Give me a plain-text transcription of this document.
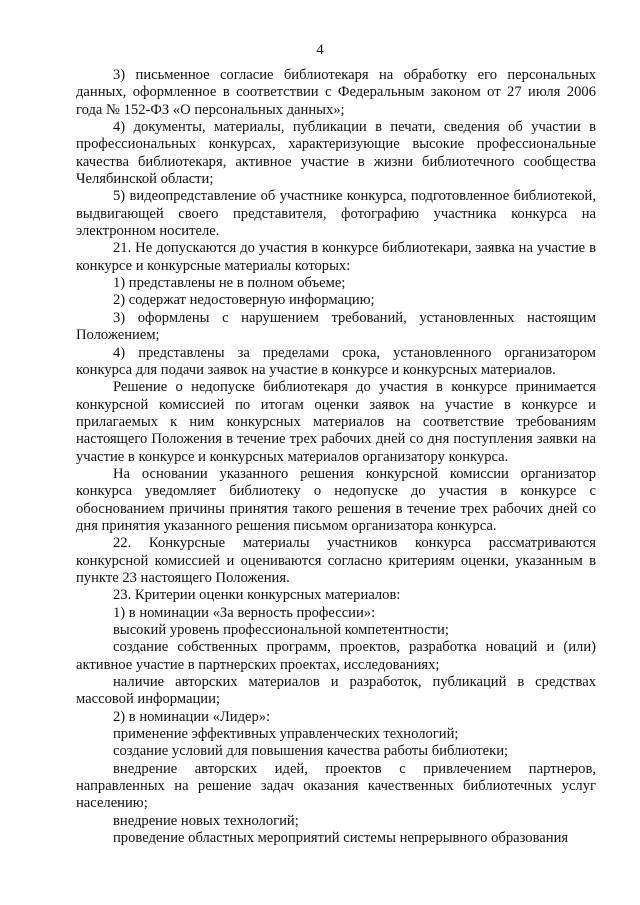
4

3) письменное согласие библиотекаря на обработку его персональных данных, оформленное в соответствии с Федеральным законом от 27 июля 2006 года № 152-ФЗ «О персональных данных»;

4) документы, материалы, публикации в печати, сведения об участии в профессиональных конкурсах, характеризующие высокие профессиональные качества библиотекаря, активное участие в жизни библиотечного сообщества Челябинской области;

5) видеопредставление об участнике конкурса, подготовленное библиотекой, выдвигающей своего представителя, фотографию участника конкурса на электронном носителе.

21. Не допускаются до участия в конкурсе библиотекари, заявка на участие в конкурсе и конкурсные материалы которых:

1) представлены не в полном объеме;

2) содержат недостоверную информацию;

3) оформлены с нарушением требований, установленных настоящим Положением;

4) представлены за пределами срока, установленного организатором конкурса для подачи заявок на участие в конкурсе и конкурсных материалов.

Решение о недопуске библиотекаря до участия в конкурсе принимается конкурсной комиссией по итогам оценки заявок на участие в конкурсе и прилагаемых к ним конкурсных материалов на соответствие требованиям настоящего Положения в течение трех рабочих дней со дня поступления заявки на участие в конкурсе и конкурсных материалов организатору конкурса.

На основании указанного решения конкурсной комиссии организатор конкурса уведомляет библиотеку о недопуске до участия в конкурсе с обоснованием причины принятия такого решения в течение трех рабочих дней со дня принятия указанного решения письмом организатора конкурса.

22. Конкурсные материалы участников конкурса рассматриваются конкурсной комиссией и оцениваются согласно критериям оценки, указанным в пункте 23 настоящего Положения.

23. Критерии оценки конкурсных материалов:

1) в номинации «За верность профессии»:

высокий уровень профессиональной компетентности;

создание собственных программ, проектов, разработка новаций и (или) активное участие в партнерских проектах, исследованиях;

наличие авторских материалов и разработок, публикаций в средствах массовой информации;

2) в номинации «Лидер»:

применение эффективных управленческих технологий;

создание условий для повышения качества работы библиотеки;

внедрение авторских идей, проектов с привлечением партнеров, направленных на решение задач оказания качественных библиотечных услуг населению;

внедрение новых технологий;

проведение областных мероприятий системы непрерывного образования
